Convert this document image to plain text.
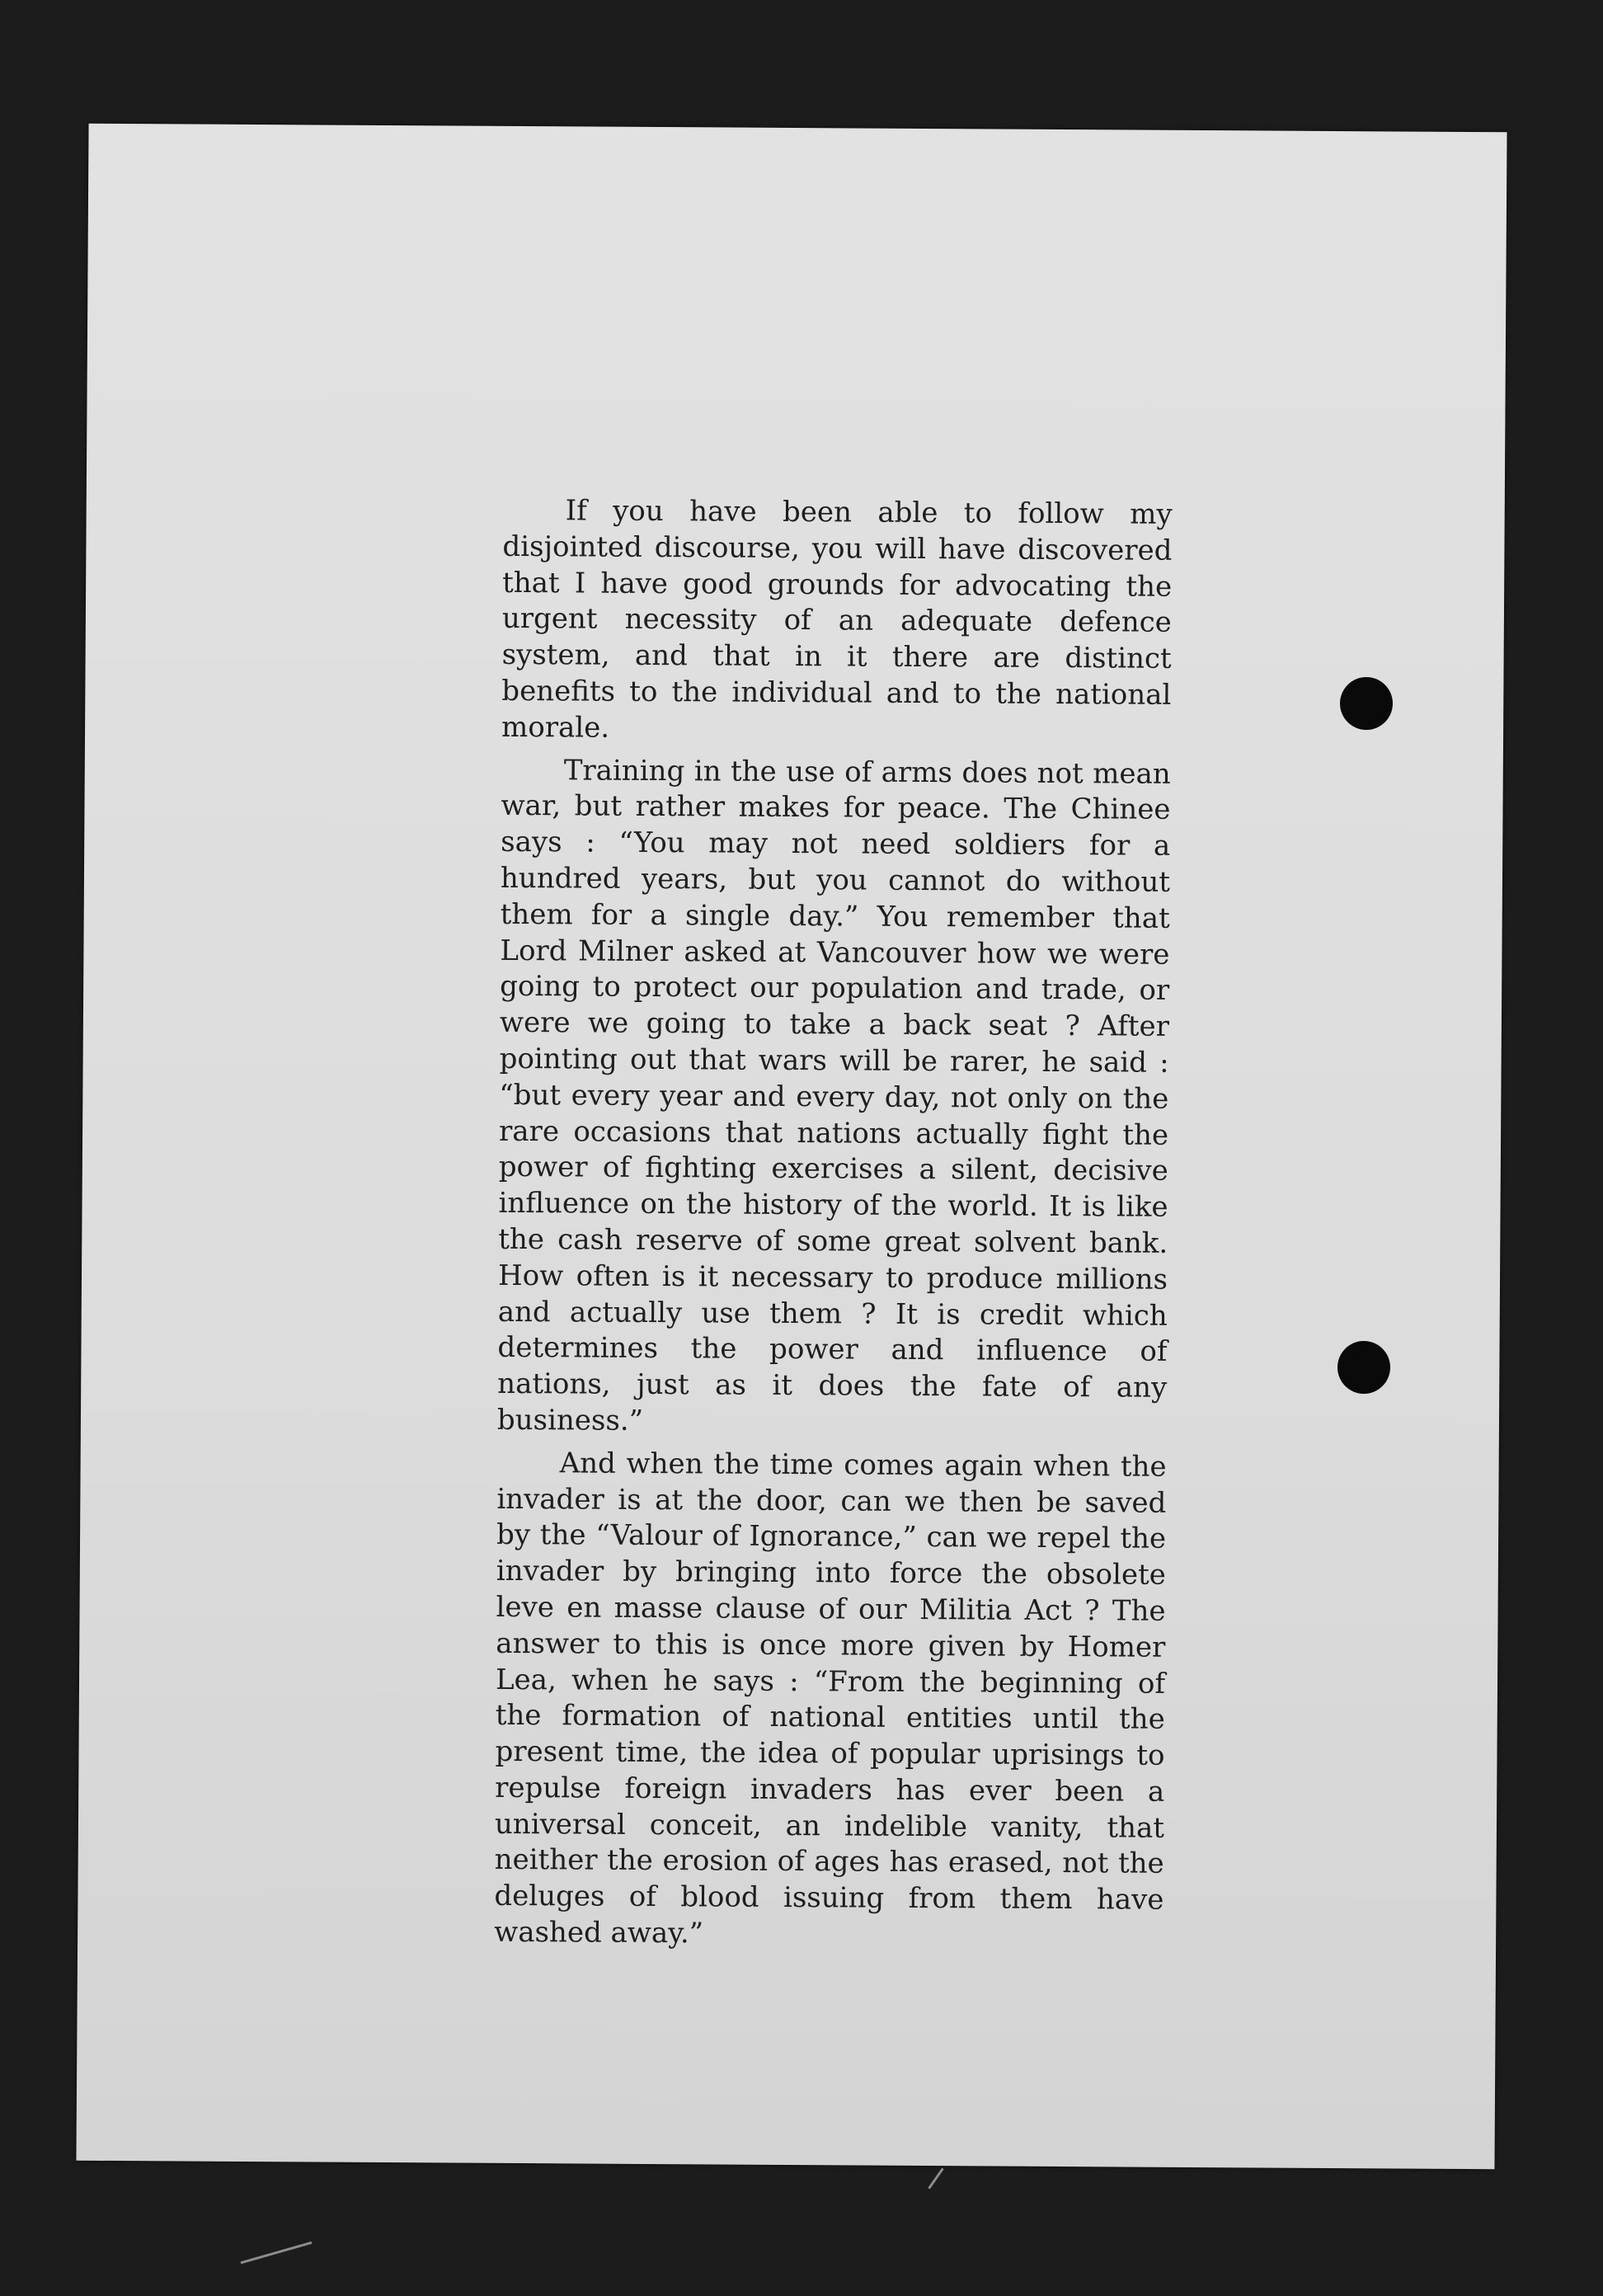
If you have been able to follow my disjointed discourse, you will have discovered that I have good grounds for advocating the urgent necessity of an adequate defence system, and that in it there are distinct benefits to the individual and to the national morale.

Training in the use of arms does not mean war, but rather makes for peace. The Chinee says : “You may not need soldiers for a hundred years, but you cannot do without them for a single day.” You remember that Lord Milner asked at Vancouver how we were going to protect our population and trade, or were we going to take a back seat ? After pointing out that wars will be rarer, he said : “but every year and every day, not only on the rare occasions that nations actually fight the power of fighting exercises a silent, decisive influence on the history of the world. It is like the cash reserve of some great solvent bank. How often is it necessary to produce millions and actually use them ? It is credit which determines the power and influence of nations, just as it does the fate of any business.”

And when the time comes again when the invader is at the door, can we then be saved by the “Valour of Ignorance,” can we repel the invader by bringing into force the obsolete leve en masse clause of our Militia Act ? The answer to this is once more given by Homer Lea, when he says : “From the beginning of the formation of national entities until the present time, the idea of popular uprisings to repulse foreign invaders has ever been a universal conceit, an indelible vanity, that neither the erosion of ages has erased, not the deluges of blood issuing from them have washed away.”
